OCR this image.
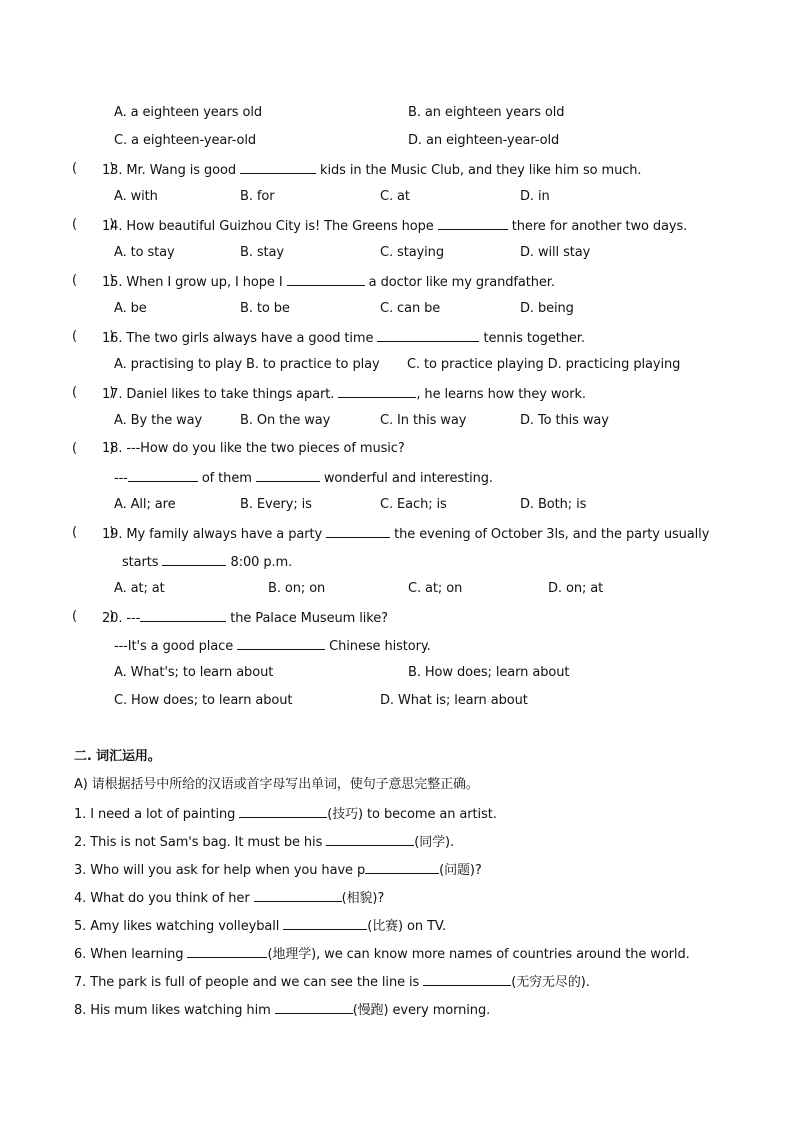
A. a eighteen years old	B. an eighteen years old
C. a eighteen-year-old	D. an eighteen-year-old
(        )
13. Mr. Wang is good	kids in the Music Club, and they like him so much.
A. with	B. for	C. at	D. in
(        )
14. How beautiful Guizhou City is! The Greens hope	there for another two days.
A. to stay	B. stay	C. staying	D. will stay
(        )
15. When I grow up, I hope I	a doctor like my grandfather.
A. be	B. to be	C. can be	D. being
(        )
16. The two girls always have a good time	tennis together.
A. practising to play B. to practice to play C. to practice playing D. practicing playing
(        )
17. Daniel likes to take things apart.	, he learns how they work.
A. By the way	B. On the way	C. In this way	D. To this way
(        )
18. ---How do you like the two pieces of music?
---	of them	wonderful and interesting.
A. All; are	B. Every; is	C. Each; is	D. Both; is
(        )
19. My family always have a party	the evening of October 3ls, and the party usually
starts	8:00 p.m.
A. at; at	B. on; on	C. at; on	D. on; at
(        )
20. ---	the Palace Museum like?
---It's a good place	Chinese history.
A. What's; to learn about	B. How does; learn about
C. How does; to learn about	D. What is; learn about
二. 词汇运用。
A) 请根据括号中所给的汉语或首字母写出单词，使句子意思完整正确。
1. I need a lot of painting	(技巧) to become an artist.
2. This is not Sam's bag. It must be his	(同学).
3. Who will you ask for help when you have p	(问题)?
4. What do you think of her	(相貌)?
5. Amy likes watching volleyball	(比赛) on TV.
6. When learning	(地理学), we can know more names of countries around the world.
7. The park is full of people and we can see the line is	(无穷无尽的).
8. His mum likes watching him	(慢跑) every morning.
